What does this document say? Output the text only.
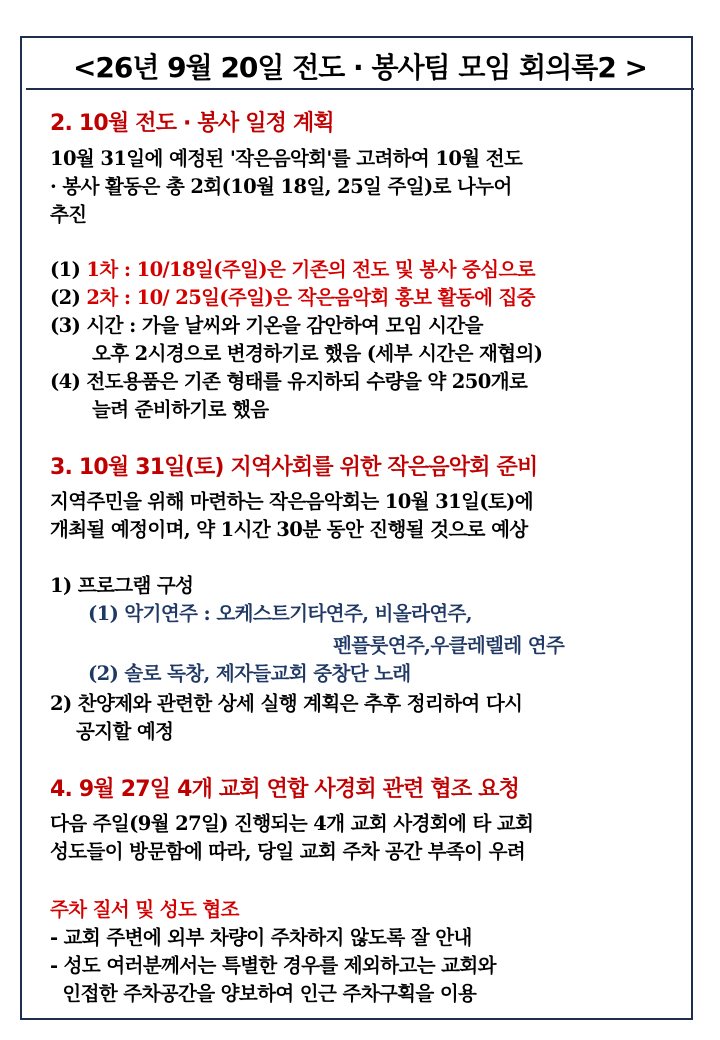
<26년 9월 20일 전도 · 봉사팀 모임 회의록2 >
2. 10월 전도 · 봉사 일정 계획
10월 31일에 예정된 '작은음악회'를 고려하여 10월 전도
· 봉사 활동은 총 2회(10월 18일, 25일 주일)로 나누어
추진
(1) 1차 : 10/18일(주일)은 기존의 전도 및 봉사 중심으로
(2) 2차 : 10/ 25일(주일)은 작은음악회 홍보 활동에 집중
(3) 시간 : 가을 날씨와 기온을 감안하여 모임 시간을
오후 2시경으로 변경하기로 했음 (세부 시간은 재협의)
(4) 전도용품은 기존 형태를 유지하되 수량을 약 250개로
늘려 준비하기로 했음
3. 10월 31일(토) 지역사회를 위한 작은음악회 준비
지역주민을 위해 마련하는 작은음악회는 10월 31일(토)에
개최될 예정이며, 약 1시간 30분 동안 진행될 것으로 예상
1) 프로그램 구성
(1) 악기연주 : 오케스트기타연주, 비올라연주,
펜플룻연주,우클레렐레 연주
(2) 솔로 독창, 제자들교회 중창단 노래
2) 찬양제와 관련한 상세 실행 계획은 추후 정리하여 다시
공지할 예정
4. 9월 27일 4개 교회 연합 사경회 관련 협조 요청
다음 주일(9월 27일) 진행되는 4개 교회 사경회에 타 교회
성도들이 방문함에 따라, 당일 교회 주차 공간 부족이 우려
주차 질서 및 성도 협조
- 교회 주변에 외부 차량이 주차하지 않도록 잘 안내
- 성도 여러분께서는 특별한 경우를 제외하고는 교회와
인접한 주차공간을 양보하여 인근 주차구획을 이용
